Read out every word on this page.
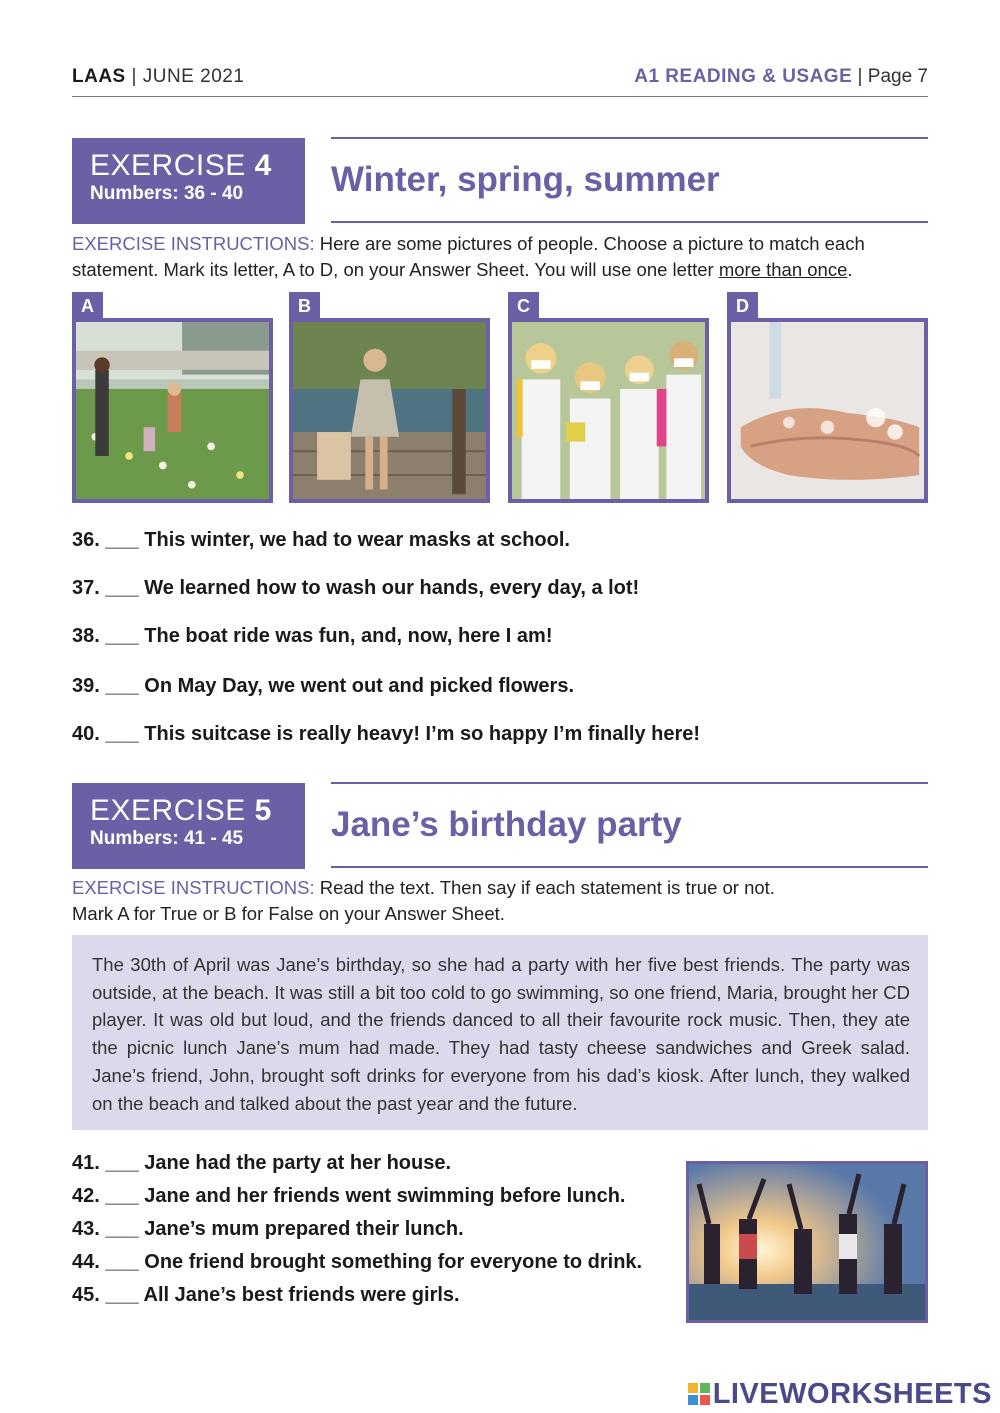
LAAS | JUNE 2021	A1 READING & USAGE | Page 7
EXERCISE 4
Numbers: 36 - 40	Winter, spring, summer
EXERCISE INSTRUCTIONS: Here are some pictures of people. Choose a picture to match each statement. Mark its letter, A to D, on your Answer Sheet. You will use one letter more than once.
A	B	C	D
36. ___ This winter, we had to wear masks at school.
37. ___ We learned how to wash our hands, every day, a lot!
38. ___ The boat ride was fun, and, now, here I am!
39. ___ On May Day, we went out and picked flowers.
40. ___ This suitcase is really heavy! I’m so happy I’m finally here!
EXERCISE 5
Numbers: 41 - 45	Jane’s birthday party
EXERCISE INSTRUCTIONS: Read the text. Then say if each statement is true or not.
Mark A for True or B for False on your Answer Sheet.
The 30th of April was Jane’s birthday, so she had a party with her five best friends. The party was outside, at the beach. It was still a bit too cold to go swimming, so one friend, Maria, brought her CD player. It was old but loud, and the friends danced to all their favourite rock music. Then, they ate the picnic lunch Jane’s mum had made. They had tasty cheese sandwiches and Greek salad. Jane’s friend, John, brought soft drinks for everyone from his dad’s kiosk. After lunch, they walked on the beach and talked about the past year and the future.
41. ___ Jane had the party at her house.
42. ___ Jane and her friends went swimming before lunch.
43. ___ Jane’s mum prepared their lunch.
44. ___ One friend brought something for everyone to drink.
45. ___ All Jane’s best friends were girls.
LIVEWORKSHEETS
